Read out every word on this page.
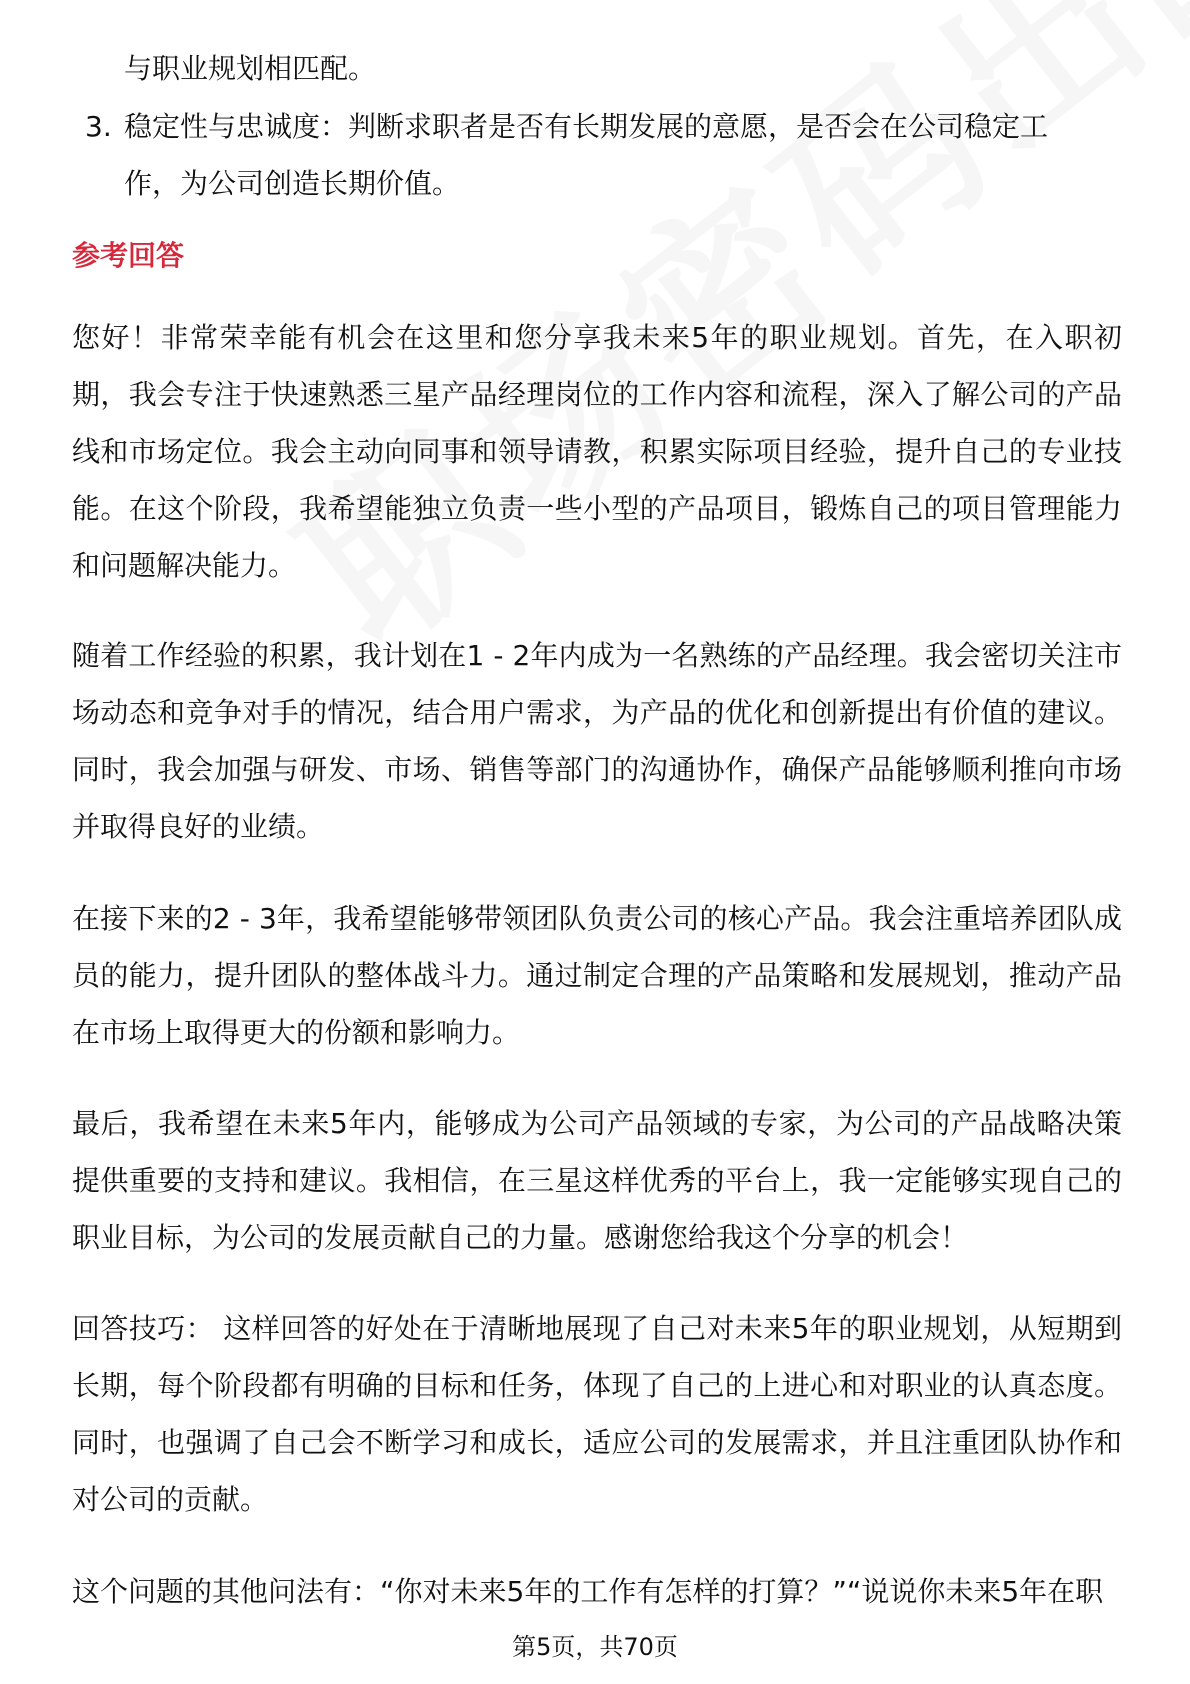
与职业规划相匹配。

3. 稳定性与忠诚度：判断求职者是否有长期发展的意愿，是否会在公司稳定工作，为公司创造长期价值。
参考回答

您好！非常荣幸能有机会在这里和您分享我未来5年的职业规划。首先，在入职初期，我会专注于快速熟悉三星产品经理岗位的工作内容和流程，深入了解公司的产品线和市场定位。我会主动向同事和领导请教，积累实际项目经验，提升自己的专业技能。在这个阶段，我希望能独立负责一些小型的产品项目，锻炼自己的项目管理能力和问题解决能力。

随着工作经验的积累，我计划在1 - 2年内成为一名熟练的产品经理。我会密切关注市场动态和竞争对手的情况，结合用户需求，为产品的优化和创新提出有价值的建议。同时，我会加强与研发、市场、销售等部门的沟通协作，确保产品能够顺利推向市场并取得良好的业绩。

在接下来的2 - 3年，我希望能够带领团队负责公司的核心产品。我会注重培养团队成员的能力，提升团队的整体战斗力。通过制定合理的产品策略和发展规划，推动产品在市场上取得更大的份额和影响力。

最后，我希望在未来5年内，能够成为公司产品领域的专家，为公司的产品战略决策提供重要的支持和建议。我相信，在三星这样优秀的平台上，我一定能够实现自己的职业目标，为公司的发展贡献自己的力量。感谢您给我这个分享的机会！

回答技巧： 这样回答的好处在于清晰地展现了自己对未来5年的职业规划，从短期到长期，每个阶段都有明确的目标和任务，体现了自己的上进心和对职业的认真态度。同时，也强调了自己会不断学习和成长，适应公司的发展需求，并且注重团队协作和对公司的贡献。

这个问题的其他问法有：“你对未来5年的工作有怎样的打算？”“说说你未来5年在职

第5页，共70页
